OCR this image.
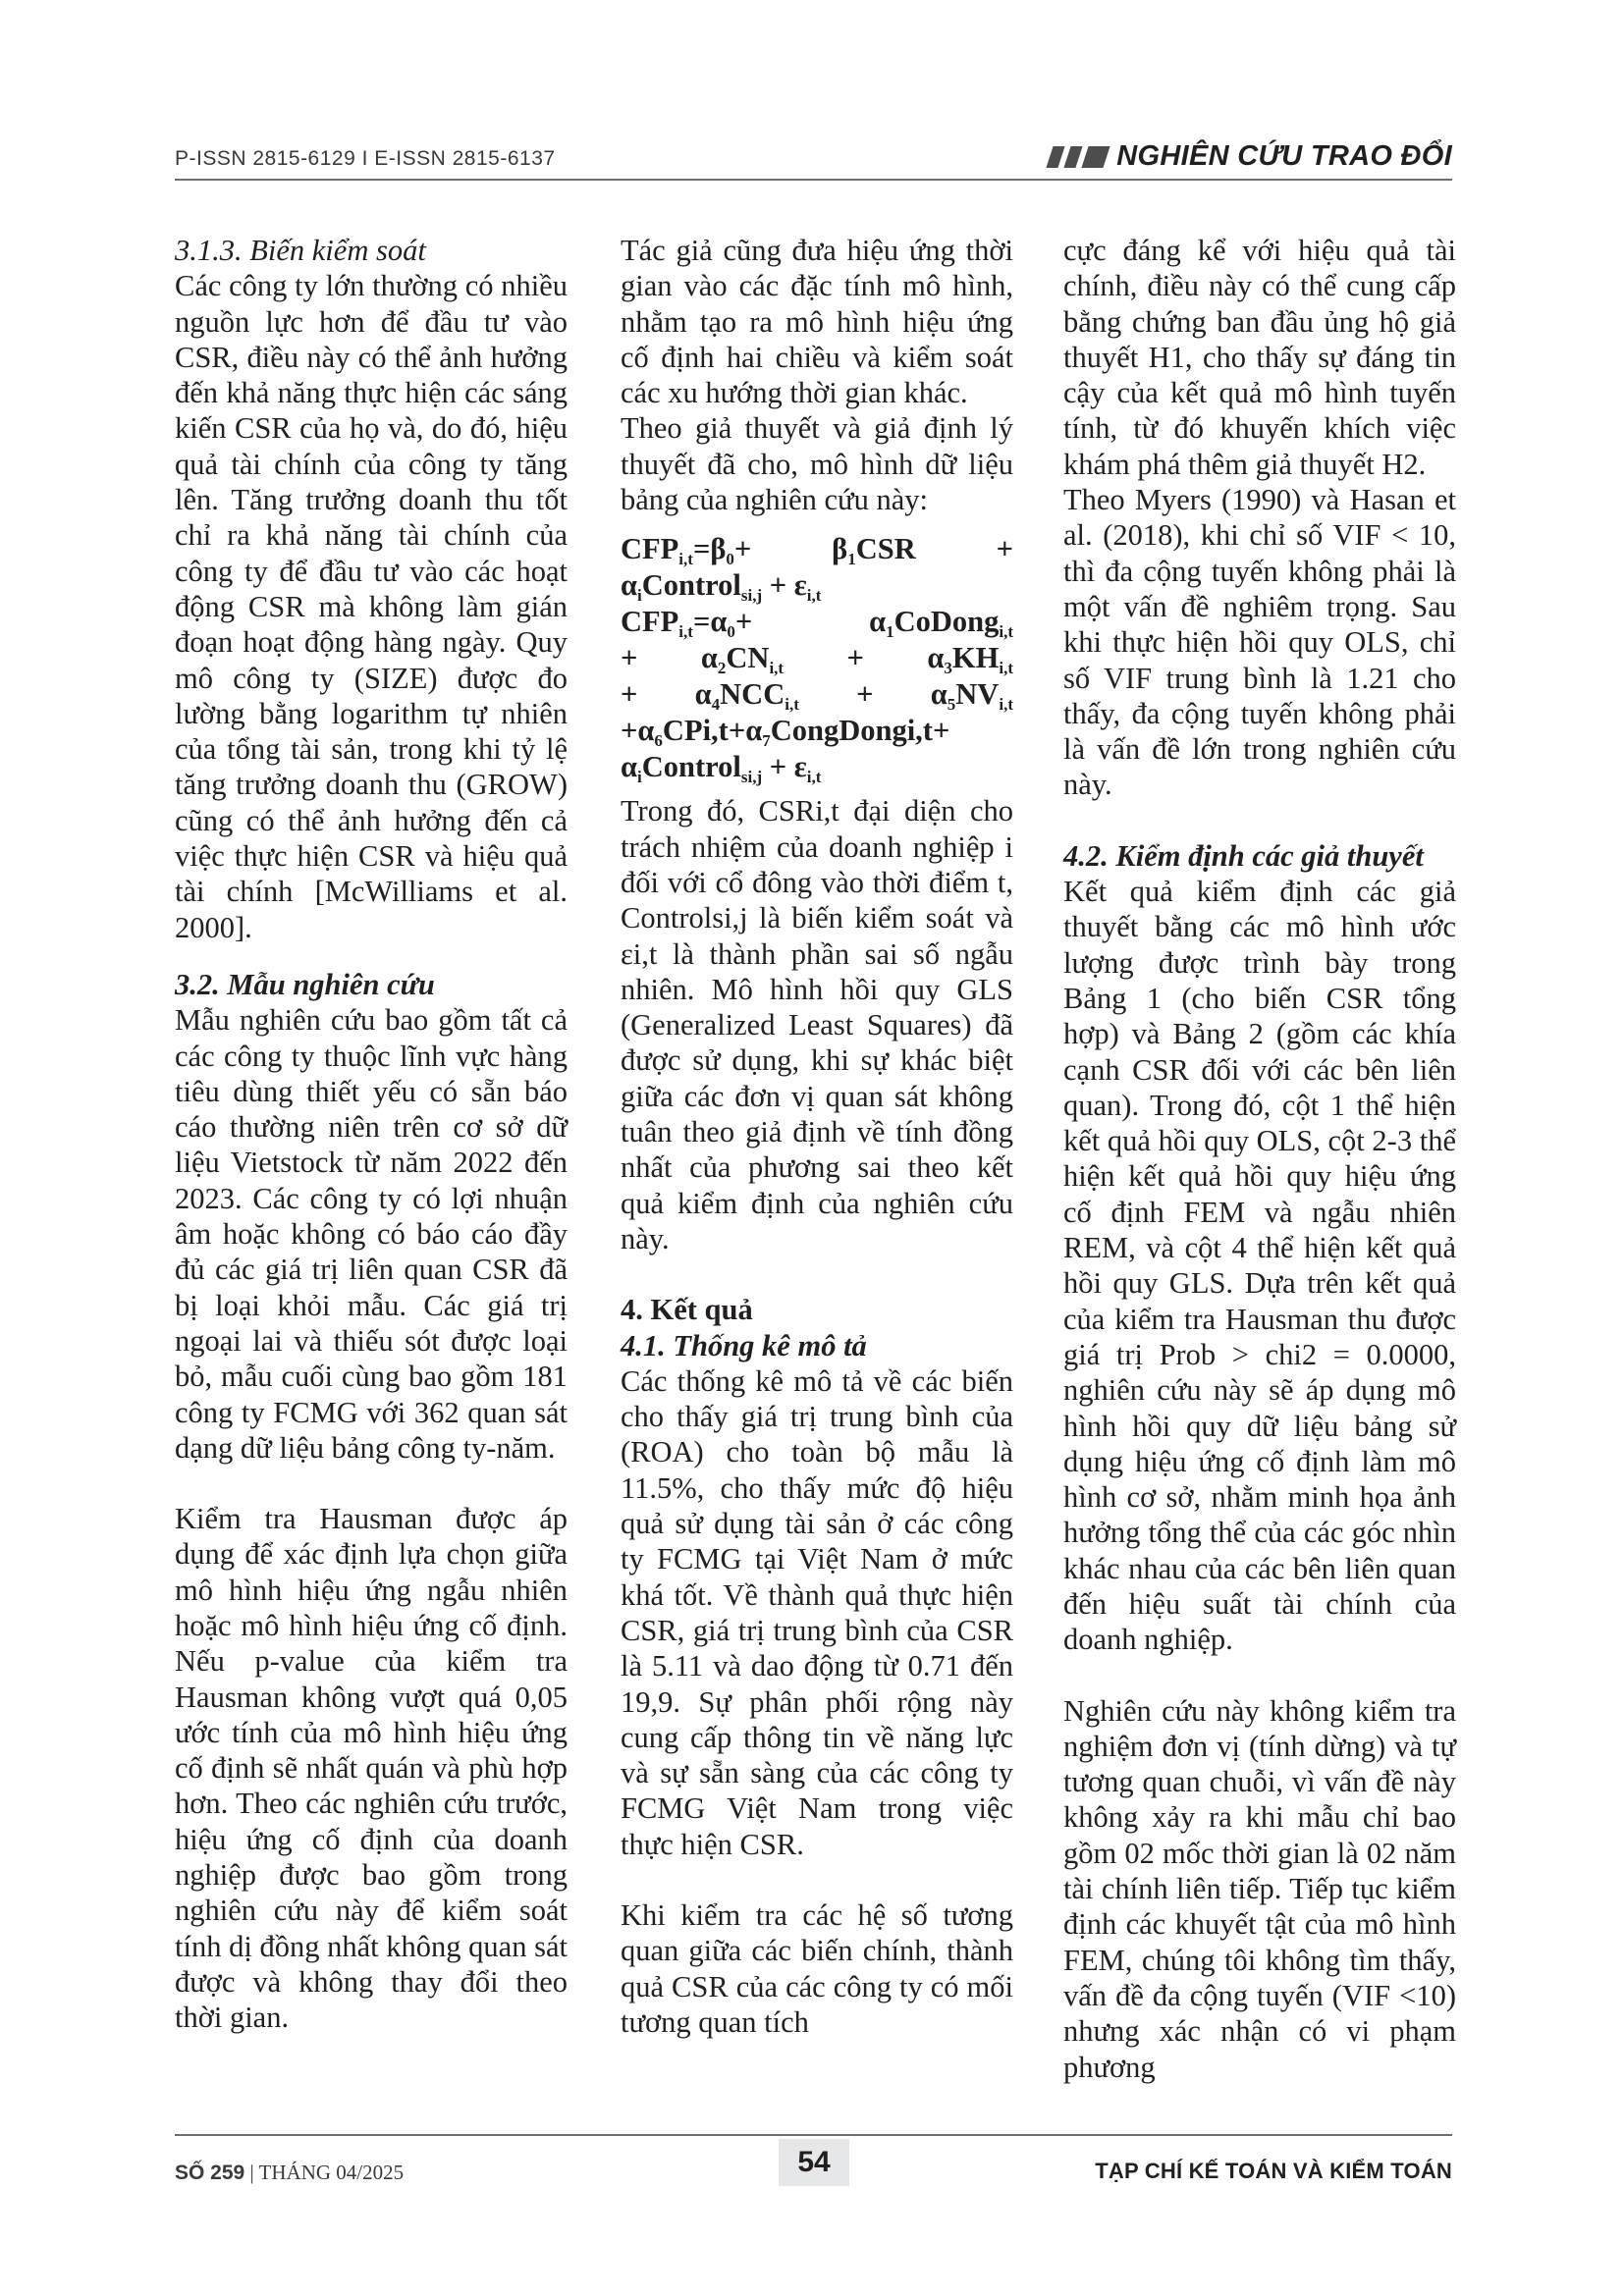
P-ISSN 2815-6129 I E-ISSN 2815-6137	NGHIÊN CỨU TRAO ĐỔI
3.1.3. Biến kiểm soát

Các công ty lớn thường có nhiều nguồn lực hơn để đầu tư vào CSR, điều này có thể ảnh hưởng đến khả năng thực hiện các sáng kiến CSR của họ và, do đó, hiệu quả tài chính của công ty tăng lên. Tăng trưởng doanh thu tốt chỉ ra khả năng tài chính của công ty để đầu tư vào các hoạt động CSR mà không làm gián đoạn hoạt động hàng ngày. Quy mô công ty (SIZE) được đo lường bằng logarithm tự nhiên của tổng tài sản, trong khi tỷ lệ tăng trưởng doanh thu (GROW) cũng có thể ảnh hưởng đến cả việc thực hiện CSR và hiệu quả tài chính [McWilliams et al. 2000].

3.2. Mẫu nghiên cứu

Mẫu nghiên cứu bao gồm tất cả các công ty thuộc lĩnh vực hàng tiêu dùng thiết yếu có sẵn báo cáo thường niên trên cơ sở dữ liệu Vietstock từ năm 2022 đến 2023. Các công ty có lợi nhuận âm hoặc không có báo cáo đầy đủ các giá trị liên quan CSR đã bị loại khỏi mẫu. Các giá trị ngoại lai và thiếu sót được loại bỏ, mẫu cuối cùng bao gồm 181 công ty FCMG với 362 quan sát dạng dữ liệu bảng công ty-năm.

Kiểm tra Hausman được áp dụng để xác định lựa chọn giữa mô hình hiệu ứng ngẫu nhiên hoặc mô hình hiệu ứng cố định. Nếu p-value của kiểm tra Hausman không vượt quá 0,05 ước tính của mô hình hiệu ứng cố định sẽ nhất quán và phù hợp hơn. Theo các nghiên cứu trước, hiệu ứng cố định của doanh nghiệp được bao gồm trong nghiên cứu này để kiểm soát tính dị đồng nhất không quan sát được và không thay đổi theo thời gian.

Tác giả cũng đưa hiệu ứng thời gian vào các đặc tính mô hình, nhằm tạo ra mô hình hiệu ứng cố định hai chiều và kiểm soát các xu hướng thời gian khác.

Theo giả thuyết và giả định lý thuyết đã cho, mô hình dữ liệu bảng của nghiên cứu này:

$CFP_{i,t}=\beta_0+$	$\beta_1CSR$	+
$\alpha_iControl_{si,j} + \varepsilon_{i,t}$
$CFP_{i,t}=\alpha_0+$	$\alpha_1CoDong_{i,t}$
+ $\alpha_2CN_{i,t} + \alpha_3KH_{i,t}$
+ $\alpha_4NCC_{i,t} + \alpha_5NV_{i,t}$
$+\alpha_6CPi,t+\alpha_7CongDongi,t+$
$\alpha_iControl_{si,j} + \varepsilon_{i,t}$

Trong đó, CSRi,t đại diện cho trách nhiệm của doanh nghiệp i đối với cổ đông vào thời điểm t, Controlsi,j là biến kiểm soát và εi,t là thành phần sai số ngẫu nhiên. Mô hình hồi quy GLS (Generalized Least Squares) đã được sử dụng, khi sự khác biệt giữa các đơn vị quan sát không tuân theo giả định về tính đồng nhất của phương sai theo kết quả kiểm định của nghiên cứu này.

4. Kết quả
4.1. Thống kê mô tả

Các thống kê mô tả về các biến cho thấy giá trị trung bình của (ROA) cho toàn bộ mẫu là 11.5%, cho thấy mức độ hiệu quả sử dụng tài sản ở các công ty FCMG tại Việt Nam ở mức khá tốt. Về thành quả thực hiện CSR, giá trị trung bình của CSR là 5.11 và dao động từ 0.71 đến 19,9. Sự phân phối rộng này cung cấp thông tin về năng lực và sự sẵn sàng của các công ty FCMG Việt Nam trong việc thực hiện CSR.

Khi kiểm tra các hệ số tương quan giữa các biến chính, thành quả CSR của các công ty có mối tương quan tích

cực đáng kể với hiệu quả tài chính, điều này có thể cung cấp bằng chứng ban đầu ủng hộ giả thuyết H1, cho thấy sự đáng tin cậy của kết quả mô hình tuyến tính, từ đó khuyến khích việc khám phá thêm giả thuyết H2.

Theo Myers (1990) và Hasan et al. (2018), khi chỉ số VIF < 10, thì đa cộng tuyến không phải là một vấn đề nghiêm trọng. Sau khi thực hiện hồi quy OLS, chỉ số VIF trung bình là 1.21 cho thấy, đa cộng tuyến không phải là vấn đề lớn trong nghiên cứu này.

4.2. Kiểm định các giả thuyết

Kết quả kiểm định các giả thuyết bằng các mô hình ước lượng được trình bày trong Bảng 1 (cho biến CSR tổng hợp) và Bảng 2 (gồm các khía cạnh CSR đối với các bên liên quan). Trong đó, cột 1 thể hiện kết quả hồi quy OLS, cột 2-3 thể hiện kết quả hồi quy hiệu ứng cố định FEM và ngẫu nhiên REM, và cột 4 thể hiện kết quả hồi quy GLS. Dựa trên kết quả của kiểm tra Hausman thu được giá trị Prob > chi2 = 0.0000, nghiên cứu này sẽ áp dụng mô hình hồi quy dữ liệu bảng sử dụng hiệu ứng cố định làm mô hình cơ sở, nhằm minh họa ảnh hưởng tổng thể của các góc nhìn khác nhau của các bên liên quan đến hiệu suất tài chính của doanh nghiệp.

Nghiên cứu này không kiểm tra nghiệm đơn vị (tính dừng) và tự tương quan chuỗi, vì vấn đề này không xảy ra khi mẫu chỉ bao gồm 02 mốc thời gian là 02 năm tài chính liên tiếp. Tiếp tục kiểm định các khuyết tật của mô hình FEM, chúng tôi không tìm thấy, vấn đề đa cộng tuyến (VIF <10) nhưng xác nhận có vi phạm phương

SỐ 259 | THÁNG 04/2025	54	TẠP CHÍ KẾ TOÁN VÀ KIỂM TOÁN
